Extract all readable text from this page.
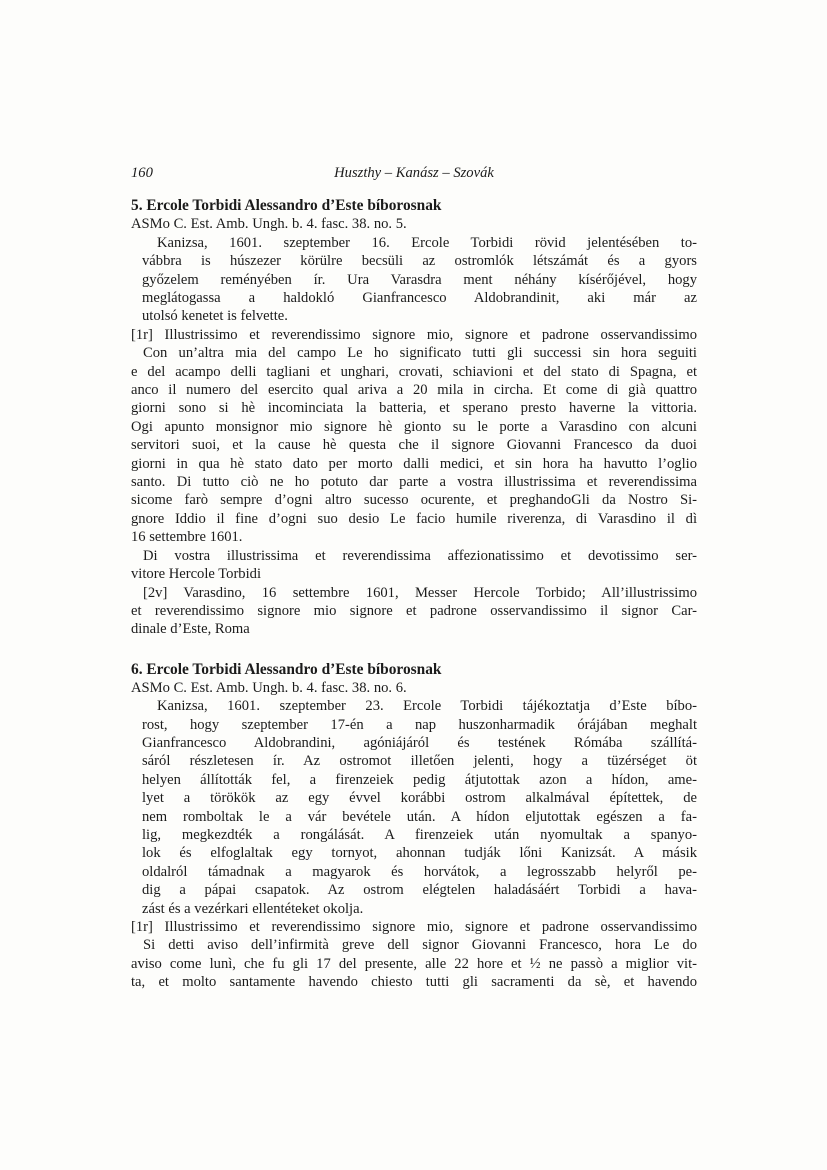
160	Huszthy – Kanász – Szovák
5. Ercole Torbidi Alessandro d’Este bíborosnak
ASMo C. Est. Amb. Ungh. b. 4. fasc. 38. no. 5.
Kanizsa, 1601. szeptember 16. Ercole Torbidi rövid jelentésében to-
vábbra is húszezer körülre becsüli az ostromlók létszámát és a gyors
győzelem reményében ír. Ura Varasdra ment néhány kísérőjével, hogy
meglátogassa a haldokló Gianfrancesco Aldobrandinit, aki már az
utolsó kenetet is felvette.
[1r] Illustrissimo et reverendissimo signore mio, signore et padrone osservandissimo
Con un’altra mia del campo Le ho significato tutti gli successi sin hora seguiti
e del acampo delli tagliani et unghari, crovati, schiavioni et del stato di Spagna, et
anco il numero del esercito qual ariva a 20 mila in circha. Et come di già quattro
giorni sono si hè incominciata la batteria, et sperano presto haverne la vittoria.
Ogi apunto monsignor mio signore hè gionto su le porte a Varasdino con alcuni
servitori suoi, et la cause hè questa che il signore Giovanni Francesco da duoi
giorni in qua hè stato dato per morto dalli medici, et sin hora ha havutto l’oglio
santo. Di tutto ciò ne ho potuto dar parte a vostra illustrissima et reverendissima
sicome farò sempre d’ogni altro sucesso ocurente, et preghandoGli da Nostro Si-
gnore Iddio il fine d’ogni suo desio Le facio humile riverenza, di Varasdino il dì
16 settembre 1601.
Di vostra illustrissima et reverendissima affezionatissimo et devotissimo ser-
vitore Hercole Torbidi
[2v] Varasdino, 16 settembre 1601, Messer Hercole Torbido; All’illustrissimo
et reverendissimo signore mio signore et padrone osservandissimo il signor Car-
dinale d’Este, Roma
6. Ercole Torbidi Alessandro d’Este bíborosnak
ASMo C. Est. Amb. Ungh. b. 4. fasc. 38. no. 6.
Kanizsa, 1601. szeptember 23. Ercole Torbidi tájékoztatja d’Este bíbo-
rost, hogy szeptember 17-én a nap huszonharmadik órájában meghalt
Gianfrancesco Aldobrandini, agóniájáról és testének Rómába szállítá-
sáról részletesen ír. Az ostromot illetően jelenti, hogy a tüzérséget öt
helyen állították fel, a firenzeiek pedig átjutottak azon a hídon, ame-
lyet a törökök az egy évvel korábbi ostrom alkalmával építettek, de
nem romboltak le a vár bevétele után. A hídon eljutottak egészen a fa-
lig, megkezdték a rongálását. A firenzeiek után nyomultak a spanyo-
lok és elfoglaltak egy tornyot, ahonnan tudják lőni Kanizsát. A másik
oldalról támadnak a magyarok és horvátok, a legrosszabb helyről pe-
dig a pápai csapatok. Az ostrom elégtelen haladásáért Torbidi a hava-
zást és a vezérkari ellentéteket okolja.
[1r] Illustrissimo et reverendissimo signore mio, signore et padrone osservandissimo
Si detti aviso dell’infirmità greve dell signor Giovanni Francesco, hora Le do
aviso come lunì, che fu gli 17 del presente, alle 22 hore et ½ ne passò a miglior vit-
ta, et molto santamente havendo chiesto tutti gli sacramenti da sè, et havendo
